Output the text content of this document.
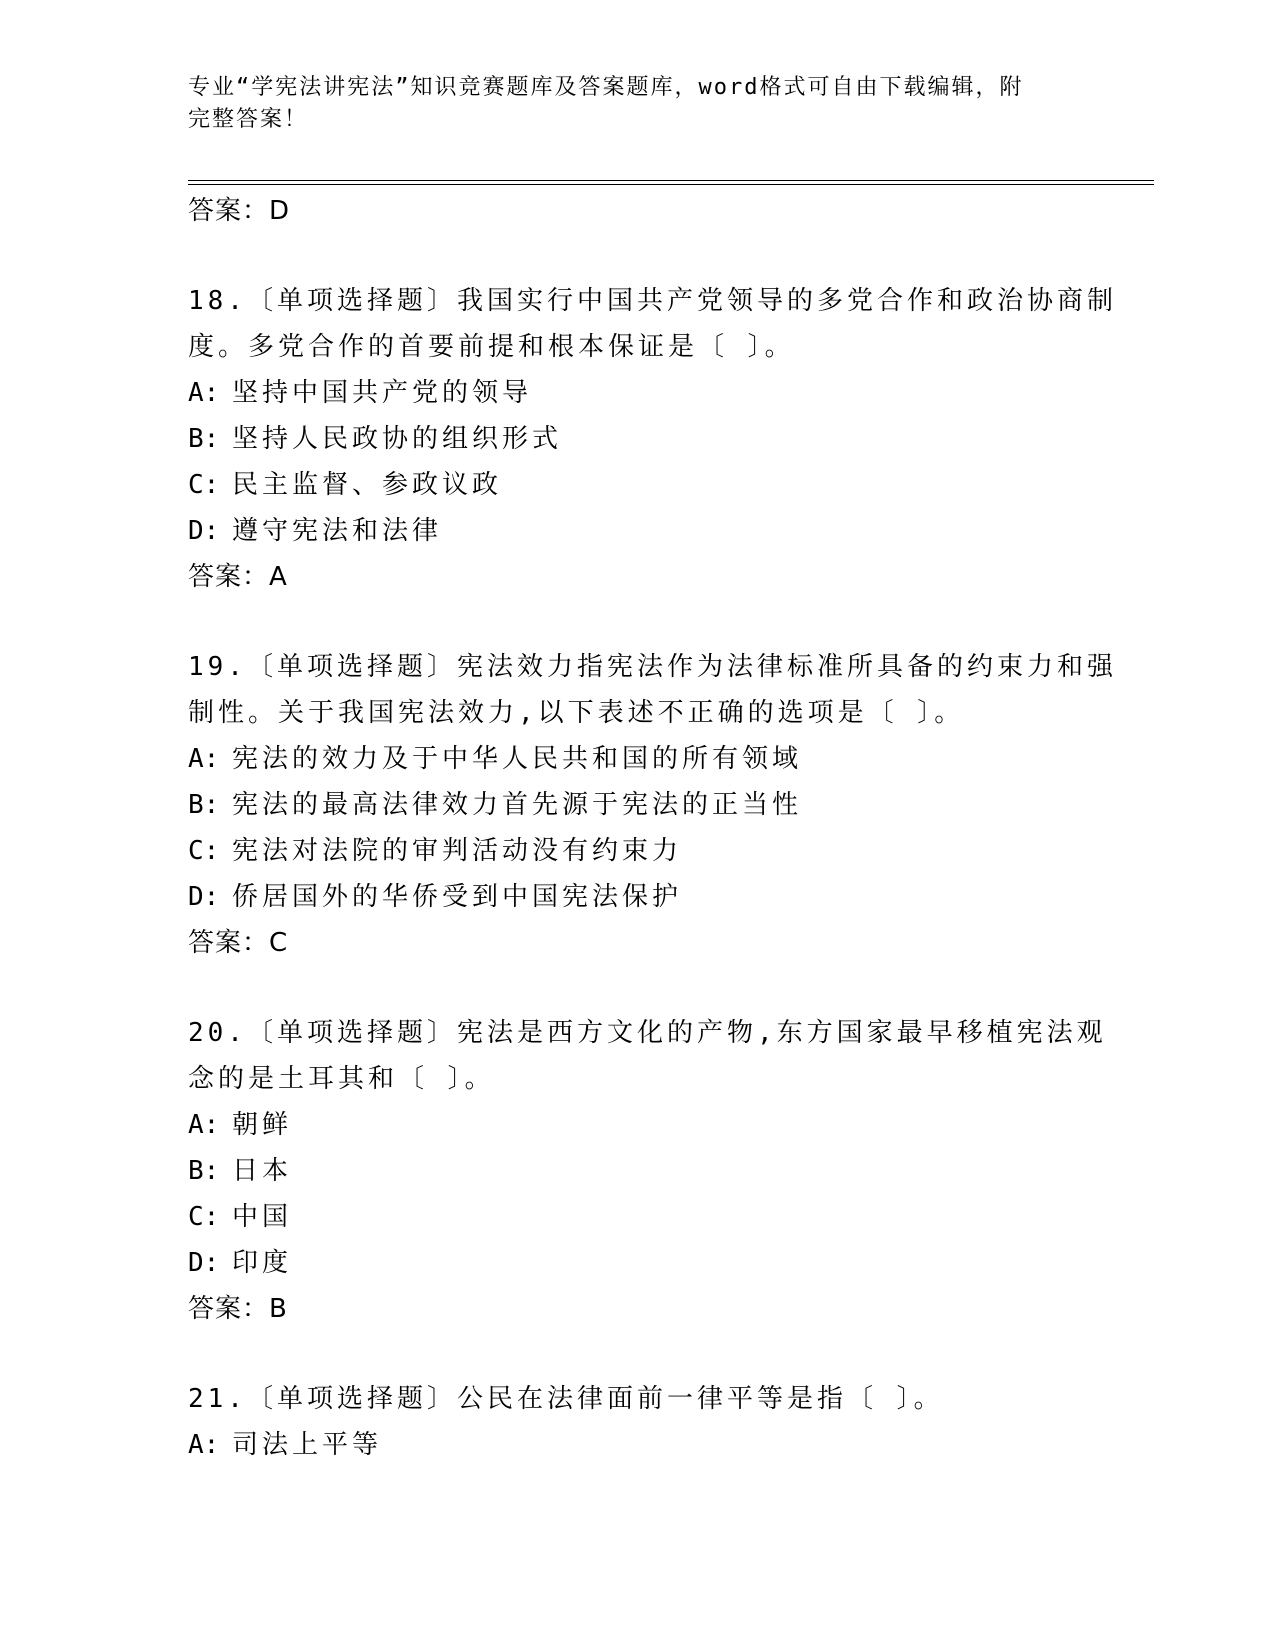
专业“学宪法讲宪法”知识竞赛题库及答案题库，word格式可自由下载编辑，附
完整答案！
答案：D
18.〔单项选择题〕我国实行中国共产党领导的多党合作和政治协商制
度。多党合作的首要前提和根本保证是〔 〕。
A: 坚持中国共产党的领导
B: 坚持人民政协的组织形式
C: 民主监督、参政议政
D: 遵守宪法和法律
答案：A
19.〔单项选择题〕宪法效力指宪法作为法律标准所具备的约束力和强
制性。关于我国宪法效力,以下表述不正确的选项是〔 〕。
A: 宪法的效力及于中华人民共和国的所有领域
B: 宪法的最高法律效力首先源于宪法的正当性
C: 宪法对法院的审判活动没有约束力
D: 侨居国外的华侨受到中国宪法保护
答案：C
20.〔单项选择题〕宪法是西方文化的产物,东方国家最早移植宪法观
念的是土耳其和〔 〕。
A: 朝鲜
B: 日本
C: 中国
D: 印度
答案：B
21.〔单项选择题〕公民在法律面前一律平等是指〔 〕。
A: 司法上平等
